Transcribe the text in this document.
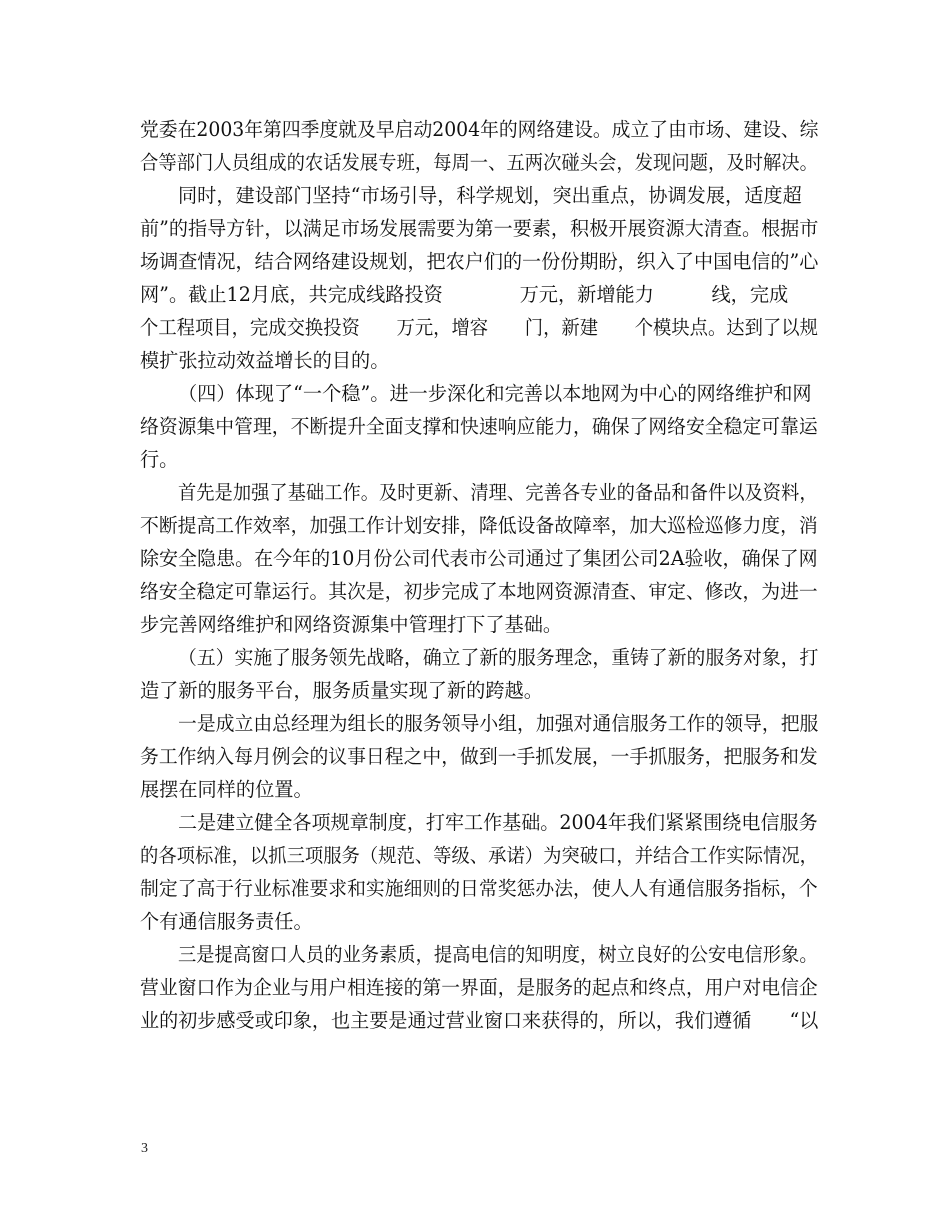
党委在2003年第四季度就及早启动2004年的网络建设。成立了由市场、建设、综
合等部门人员组成的农话发展专班，每周一、五两次碰头会，发现问题，及时解决。
同时，建设部门坚持“市场引导，科学规划，突出重点，协调发展，适度超
前”的指导方针，以满足市场发展需要为第一要素，积极开展资源大清查。根据市
场调查情况，结合网络建设规划，把农户们的一份份期盼，织入了中国电信的”心
网”。截止12月底，共完成线路投资　　　　万元，新增能力　　　线，完成
个工程项目，完成交换投资　　万元，增容　　门，新建　　个模块点。达到了以规
模扩张拉动效益增长的目的。
（四）体现了“一个稳”。进一步深化和完善以本地网为中心的网络维护和网
络资源集中管理，不断提升全面支撑和快速响应能力，确保了网络安全稳定可靠运
行。
首先是加强了基础工作。及时更新、清理、完善各专业的备品和备件以及资料，
不断提高工作效率，加强工作计划安排，降低设备故障率，加大巡检巡修力度，消
除安全隐患。在今年的10月份公司代表市公司通过了集团公司2A验收，确保了网
络安全稳定可靠运行。其次是，初步完成了本地网资源清查、审定、修改，为进一
步完善网络维护和网络资源集中管理打下了基础。
（五）实施了服务领先战略，确立了新的服务理念，重铸了新的服务对象，打
造了新的服务平台，服务质量实现了新的跨越。
一是成立由总经理为组长的服务领导小组，加强对通信服务工作的领导，把服
务工作纳入每月例会的议事日程之中，做到一手抓发展，一手抓服务，把服务和发
展摆在同样的位置。
二是建立健全各项规章制度，打牢工作基础。2004年我们紧紧围绕电信服务
的各项标准，以抓三项服务（规范、等级、承诺）为突破口，并结合工作实际情况，
制定了高于行业标准要求和实施细则的日常奖惩办法，使人人有通信服务指标，个
个有通信服务责任。
三是提高窗口人员的业务素质，提高电信的知明度，树立良好的公安电信形象。
营业窗口作为企业与用户相连接的第一界面，是服务的起点和终点，用户对电信企
业的初步感受或印象，也主要是通过营业窗口来获得的，所以，我们遵循　　“以
3
